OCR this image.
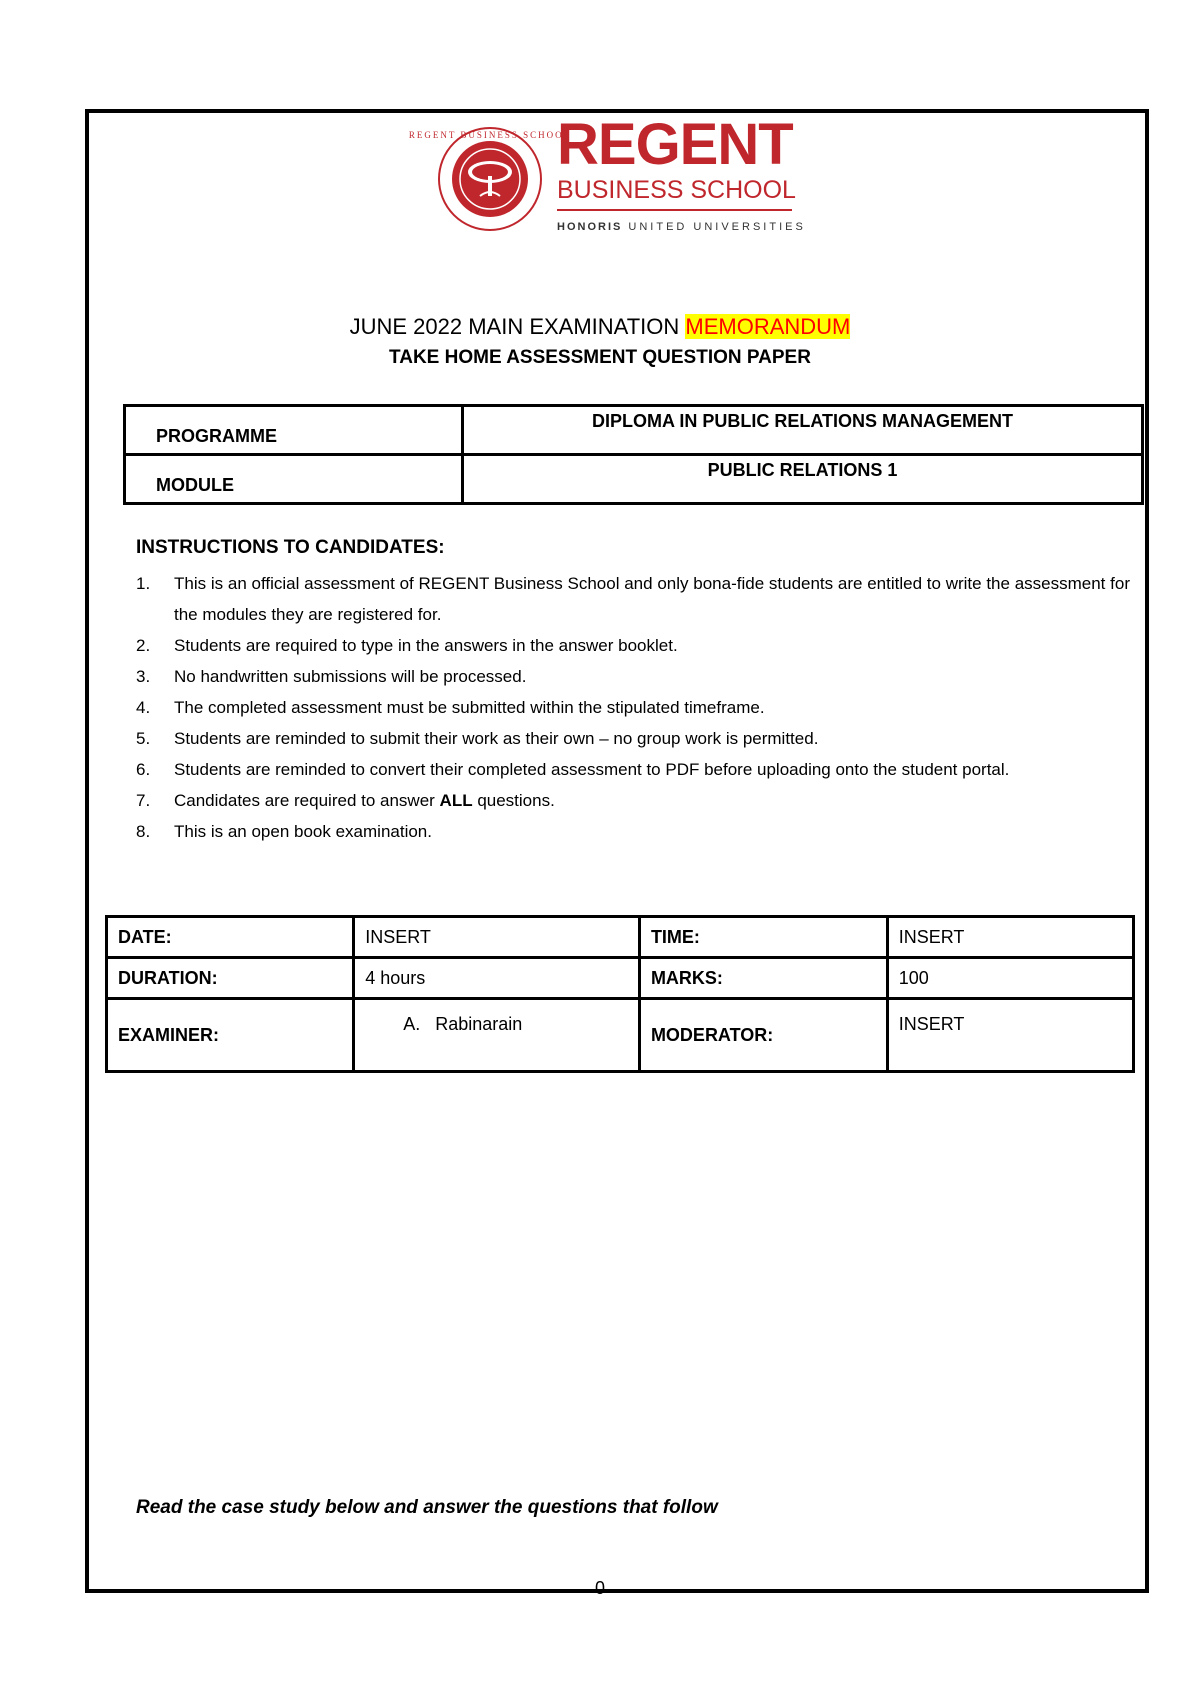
REGENT BUSINESS SCHOOL
REGENT
BUSINESS SCHOOL
HONORIS UNITED UNIVERSITIES
JUNE 2022 MAIN EXAMINATION MEMORANDUM
TAKE HOME ASSESSMENT QUESTION PAPER
PROGRAMME	DIPLOMA IN PUBLIC RELATIONS MANAGEMENT
MODULE	PUBLIC RELATIONS 1
INSTRUCTIONS TO CANDIDATES:
1. This is an official assessment of REGENT Business School and only bona-fide students are entitled to write the assessment for the modules they are registered for.
2. Students are required to type in the answers in the answer booklet.
3. No handwritten submissions will be processed.
4. The completed assessment must be submitted within the stipulated timeframe.
5. Students are reminded to submit their work as their own – no group work is permitted.
6. Students are reminded to convert their completed assessment to PDF before uploading onto the student portal.
7. Candidates are required to answer ALL questions.
8. This is an open book examination.
DATE:	INSERT	TIME:	INSERT
DURATION:	4 hours	MARKS:	100
EXAMINER:	A.   Rabinarain	MODERATOR:	INSERT
Read the case study below and answer the questions that follow
0
